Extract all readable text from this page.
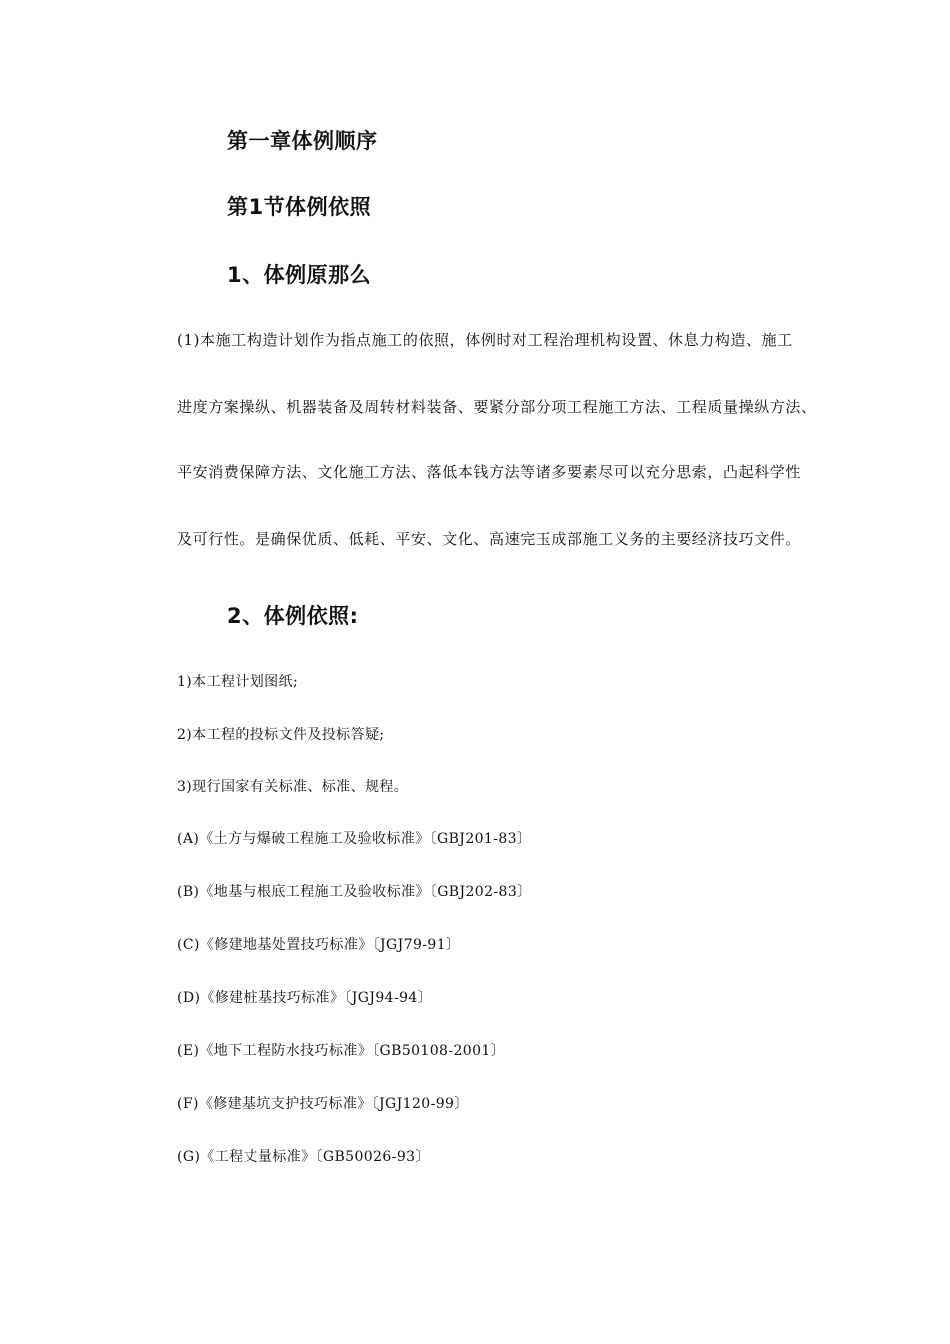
第一章体例顺序
第1节体例依照
1、体例原那么
(1)本施工构造计划作为指点施工的依照，体例时对工程治理机构设置、休息力构造、施工
进度方案操纵、机器装备及周转材料装备、要紧分部分项工程施工方法、工程质量操纵方法、
平安消费保障方法、文化施工方法、落低本钱方法等诸多要素尽可以充分思索，凸起科学性
及可行性。是确保优质、低耗、平安、文化、高速完玉成部施工义务的主要经济技巧文件。
2、体例依照:
1)本工程计划图纸;
2)本工程的投标文件及投标答疑;
3)现行国家有关标准、标准、规程。
(A)《土方与爆破工程施工及验收标准》〔GBJ201-83〕
(B)《地基与根底工程施工及验收标准》〔GBJ202-83〕
(C)《修建地基处置技巧标准》〔JGJ79-91〕
(D)《修建桩基技巧标准》〔JGJ94-94〕
(E)《地下工程防水技巧标准》〔GB50108-2001〕
(F)《修建基坑支护技巧标准》〔JGJ120-99〕
(G)《工程丈量标准》〔GB50026-93〕
